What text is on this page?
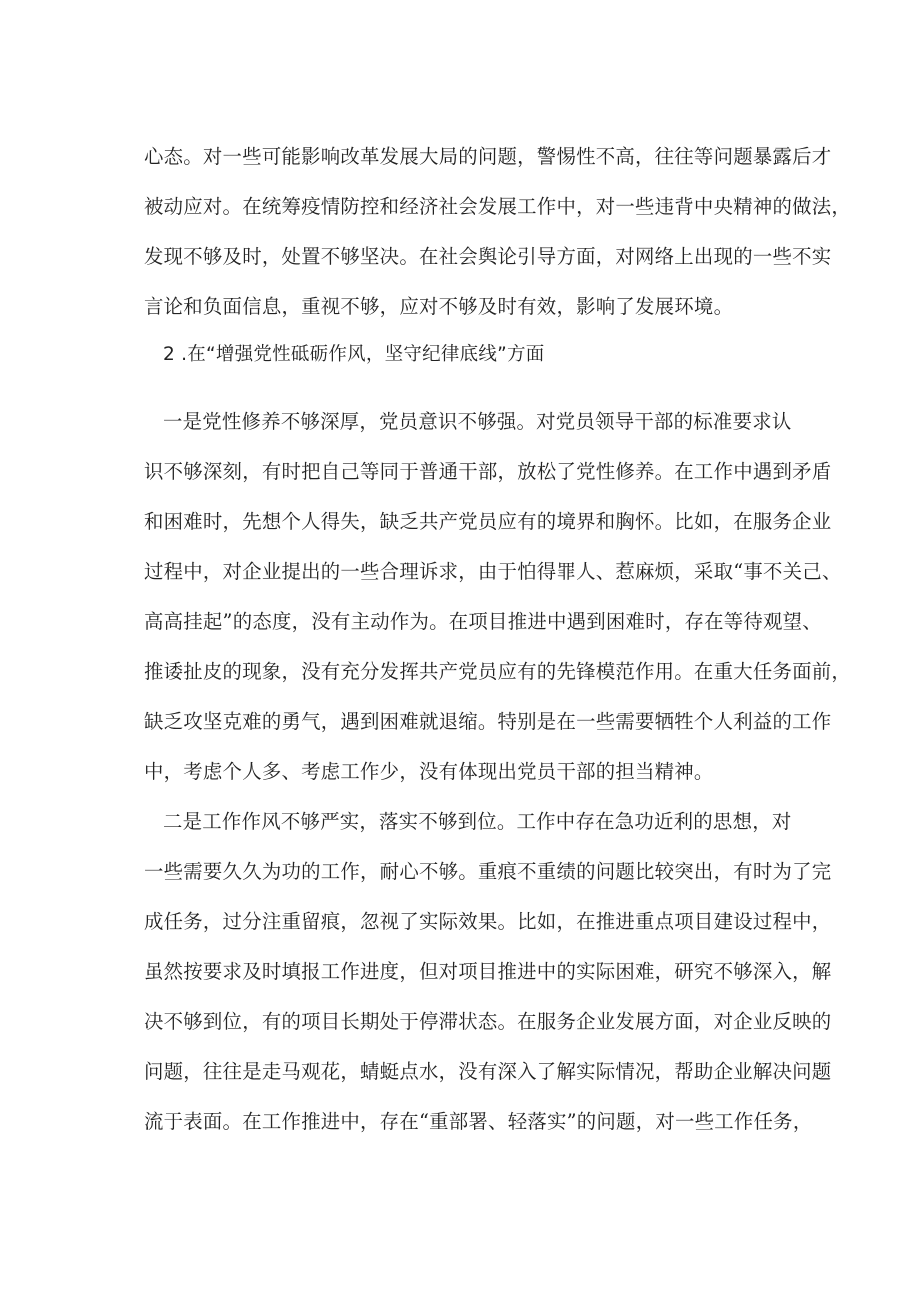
心态。对一些可能影响改革发展大局的问题，警惕性不高，往往等问题暴露后才
被动应对。在统筹疫情防控和经济社会发展工作中，对一些违背中央精神的做法，
发现不够及时，处置不够坚决。在社会舆论引导方面，对网络上出现的一些不实
言论和负面信息，重视不够，应对不够及时有效，影响了发展环境。
2 .在“增强党性砥砺作风，坚守纪律底线”方面
一是党性修养不够深厚，党员意识不够强。对党员领导干部的标准要求认
识不够深刻，有时把自己等同于普通干部，放松了党性修养。在工作中遇到矛盾
和困难时，先想个人得失，缺乏共产党员应有的境界和胸怀。比如，在服务企业
过程中，对企业提出的一些合理诉求，由于怕得罪人、惹麻烦，采取“事不关己、
高高挂起”的态度，没有主动作为。在项目推进中遇到困难时，存在等待观望、
推诿扯皮的现象，没有充分发挥共产党员应有的先锋模范作用。在重大任务面前，
缺乏攻坚克难的勇气，遇到困难就退缩。特别是在一些需要牺牲个人利益的工作
中，考虑个人多、考虑工作少，没有体现出党员干部的担当精神。
二是工作作风不够严实，落实不够到位。工作中存在急功近利的思想，对
一些需要久久为功的工作，耐心不够。重痕不重绩的问题比较突出，有时为了完
成任务，过分注重留痕，忽视了实际效果。比如，在推进重点项目建设过程中，
虽然按要求及时填报工作进度，但对项目推进中的实际困难，研究不够深入，解
决不够到位，有的项目长期处于停滞状态。在服务企业发展方面，对企业反映的
问题，往往是走马观花，蜻蜓点水，没有深入了解实际情况，帮助企业解决问题
流于表面。在工作推进中，存在“重部署、轻落实”的问题，对一些工作任务，
